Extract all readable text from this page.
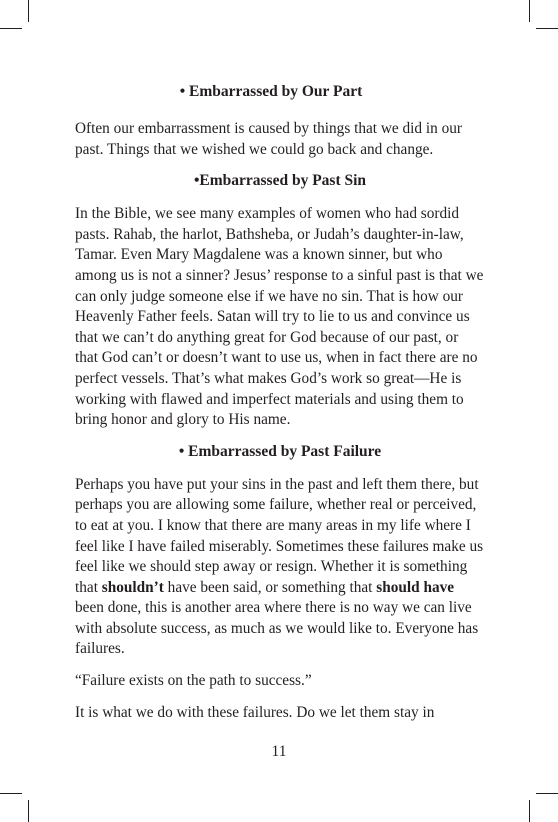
• Embarrassed by Our Part

Often our embarrassment is caused by things that we did in our past. Things that we wished we could go back and change.

•Embarrassed by Past Sin

In the Bible, we see many examples of women who had sordid pasts. Rahab, the harlot, Bathsheba, or Judah’s daughter-in-law, Tamar. Even Mary Magdalene was a known sinner, but who among us is not a sinner? Jesus’ response to a sinful past is that we can only judge someone else if we have no sin. That is how our Heavenly Father feels. Satan will try to lie to us and convince us that we can’t do anything great for God because of our past, or that God can’t or doesn’t want to use us, when in fact there are no perfect vessels. That’s what makes God’s work so great—He is working with flawed and imperfect materials and using them to bring honor and glory to His name.

• Embarrassed by Past Failure

Perhaps you have put your sins in the past and left them there, but perhaps you are allowing some failure, whether real or perceived, to eat at you. I know that there are many areas in my life where I feel like I have failed miserably. Sometimes these failures make us feel like we should step away or resign. Whether it is something that shouldn’t have been said, or something that should have been done, this is another area where there is no way we can live with absolute success, as much as we would like to. Everyone has failures.

“Failure exists on the path to success.”

It is what we do with these failures. Do we let them stay in

11
